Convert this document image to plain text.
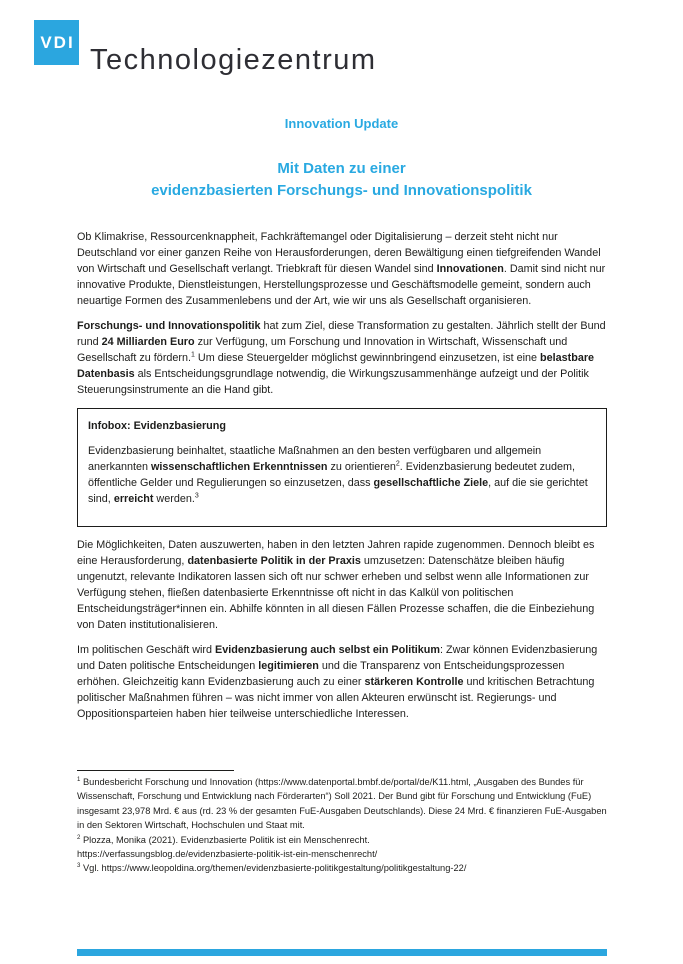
VDI
Technologiezentrum
Innovation Update
Mit Daten zu einer
evidenzbasierten Forschungs- und Innovationspolitik

Ob Klimakrise, Ressourcenknappheit, Fachkräftemangel oder Digitalisierung – derzeit steht nicht nur Deutschland vor einer ganzen Reihe von Herausforderungen, deren Bewältigung einen tiefgreifenden Wandel von Wirtschaft und Gesellschaft verlangt. Triebkraft für diesen Wandel sind Innovationen. Damit sind nicht nur innovative Produkte, Dienstleistungen, Herstellungsprozesse und Geschäftsmodelle gemeint, sondern auch neuartige Formen des Zusammenlebens und der Art, wie wir uns als Gesellschaft organisieren.

Forschungs- und Innovationspolitik hat zum Ziel, diese Transformation zu gestalten. Jährlich stellt der Bund rund 24 Milliarden Euro zur Verfügung, um Forschung und Innovation in Wirtschaft, Wissenschaft und Gesellschaft zu fördern.$^1$ Um diese Steuergelder möglichst gewinnbringend einzusetzen, ist eine belastbare Datenbasis als Entscheidungsgrundlage notwendig, die Wirkungszusammenhänge aufzeigt und der Politik Steuerungsinstrumente an die Hand gibt.

Infobox: Evidenzbasierung

Evidenzbasierung beinhaltet, staatliche Maßnahmen an den besten verfügbaren und allgemein anerkannten wissenschaftlichen Erkenntnissen zu orientieren$^2$. Evidenzbasierung bedeutet zudem, öffentliche Gelder und Regulierungen so einzusetzen, dass gesellschaftliche Ziele, auf die sie gerichtet sind, erreicht werden.$^3$

Die Möglichkeiten, Daten auszuwerten, haben in den letzten Jahren rapide zugenommen. Dennoch bleibt es eine Herausforderung, datenbasierte Politik in der Praxis umzusetzen: Datenschätze bleiben häufig ungenutzt, relevante Indikatoren lassen sich oft nur schwer erheben und selbst wenn alle Informationen zur Verfügung stehen, fließen datenbasierte Erkenntnisse oft nicht in das Kalkül von politischen Entscheidungsträger*innen ein. Abhilfe könnten in all diesen Fällen Prozesse schaffen, die die Einbeziehung von Daten institutionalisieren.

Im politischen Geschäft wird Evidenzbasierung auch selbst ein Politikum: Zwar können Evidenzbasierung und Daten politische Entscheidungen legitimieren und die Transparenz von Entscheidungsprozessen erhöhen. Gleichzeitig kann Evidenzbasierung auch zu einer stärkeren Kontrolle und kritischen Betrachtung politischer Maßnahmen führen – was nicht immer von allen Akteuren erwünscht ist. Regierungs- und Oppositionsparteien haben hier teilweise unterschiedliche Interessen.

$^1$ Bundesbericht Forschung und Innovation (https://www.datenportal.bmbf.de/portal/de/K11.html, „Ausgaben des Bundes für Wissenschaft, Forschung und Entwicklung nach Förderarten“) Soll 2021. Der Bund gibt für Forschung und Entwicklung (FuE) insgesamt 23,978 Mrd. € aus (rd. 23 % der gesamten FuE-Ausgaben Deutschlands). Diese 24 Mrd. € finanzieren FuE-Ausgaben in den Sektoren Wirtschaft, Hochschulen und Staat mit.
$^2$ Plozza, Monika (2021). Evidenzbasierte Politik ist ein Menschenrecht.
https://verfassungsblog.de/evidenzbasierte-politik-ist-ein-menschenrecht/
$^3$ Vgl. https://www.leopoldina.org/themen/evidenzbasierte-politikgestaltung/politikgestaltung-22/
